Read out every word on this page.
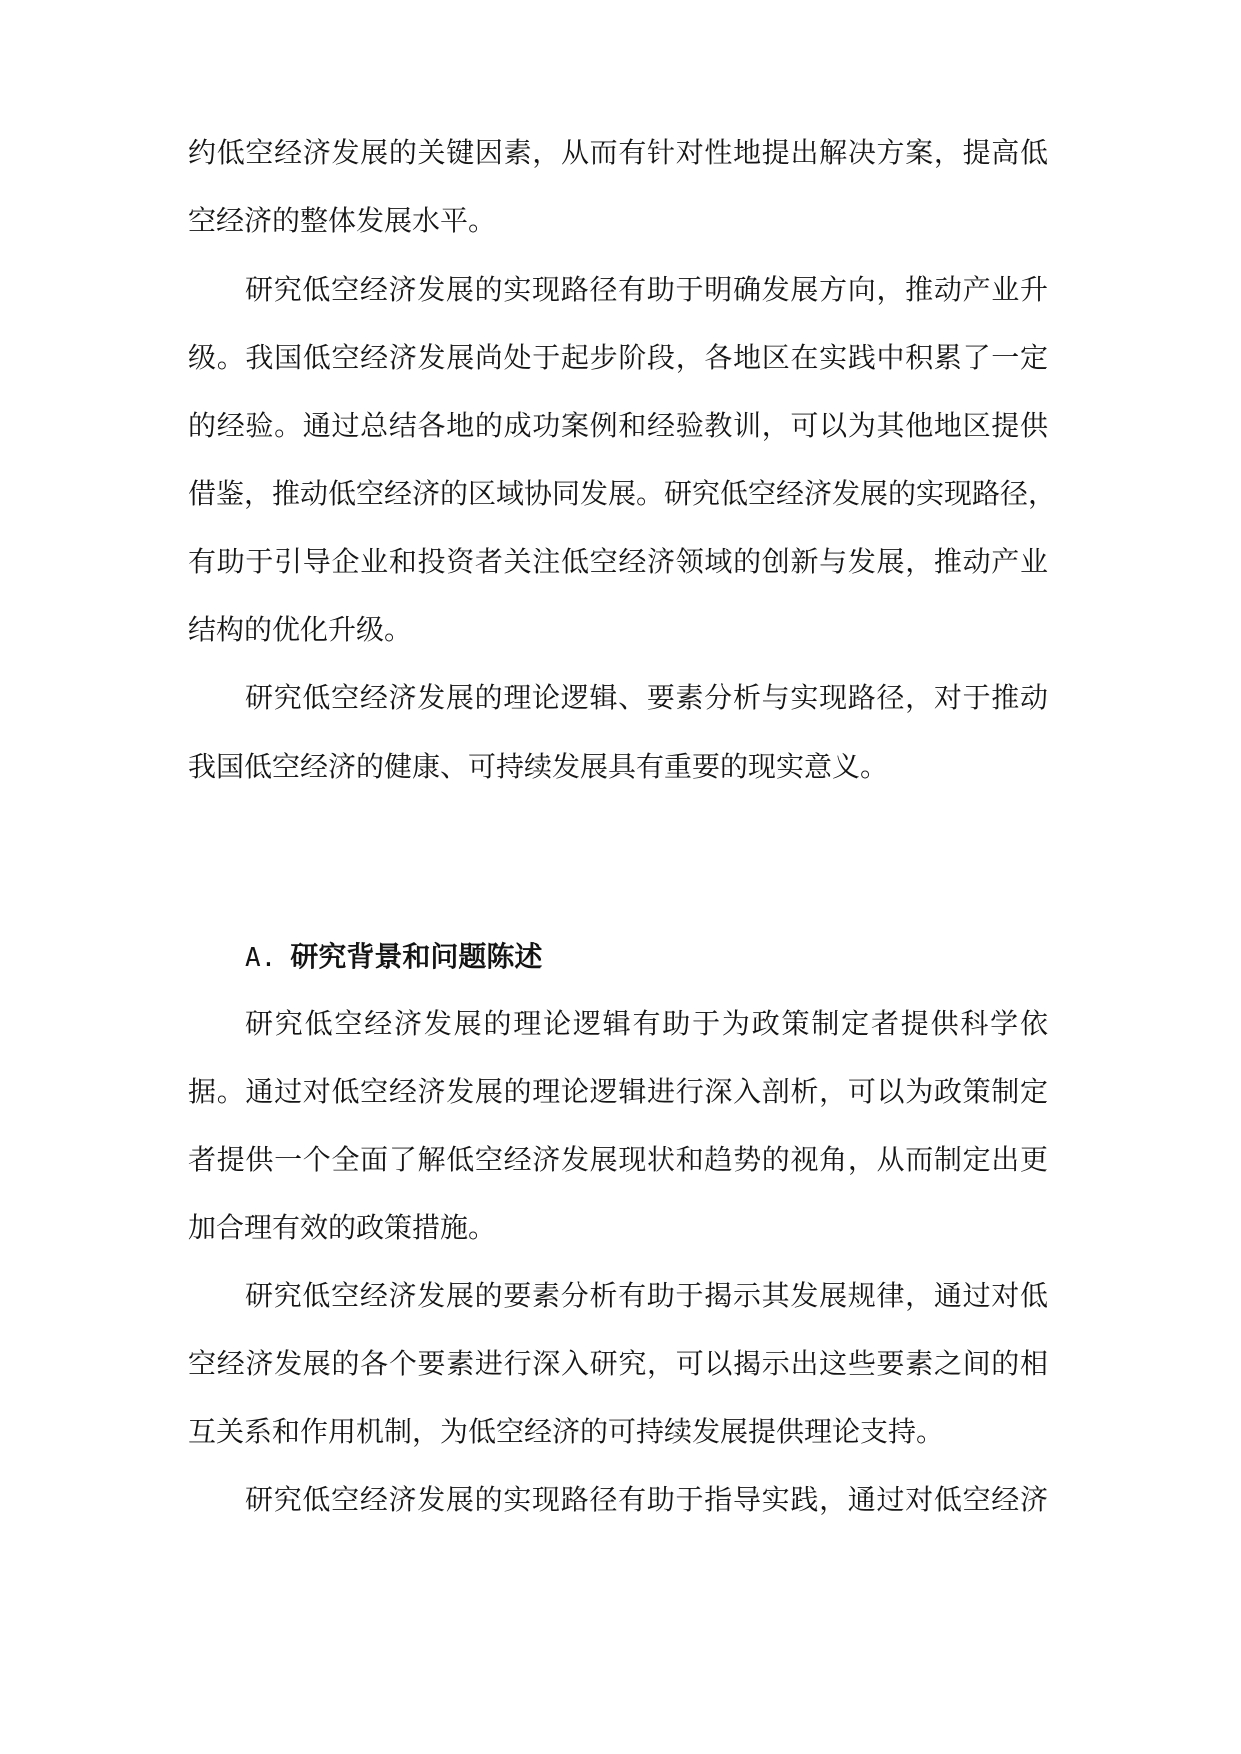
约低空经济发展的关键因素，从而有针对性地提出解决方案，提高低
空经济的整体发展水平。
研究低空经济发展的实现路径有助于明确发展方向，推动产业升
级。我国低空经济发展尚处于起步阶段，各地区在实践中积累了一定
的经验。通过总结各地的成功案例和经验教训，可以为其他地区提供
借鉴，推动低空经济的区域协同发展。研究低空经济发展的实现路径，
有助于引导企业和投资者关注低空经济领域的创新与发展，推动产业
结构的优化升级。
研究低空经济发展的理论逻辑、要素分析与实现路径，对于推动
我国低空经济的健康、可持续发展具有重要的现实意义。
A. 研究背景和问题陈述
研究低空经济发展的理论逻辑有助于为政策制定者提供科学依
据。通过对低空经济发展的理论逻辑进行深入剖析，可以为政策制定
者提供一个全面了解低空经济发展现状和趋势的视角，从而制定出更
加合理有效的政策措施。
研究低空经济发展的要素分析有助于揭示其发展规律，通过对低
空经济发展的各个要素进行深入研究，可以揭示出这些要素之间的相
互关系和作用机制，为低空经济的可持续发展提供理论支持。
研究低空经济发展的实现路径有助于指导实践，通过对低空经济
